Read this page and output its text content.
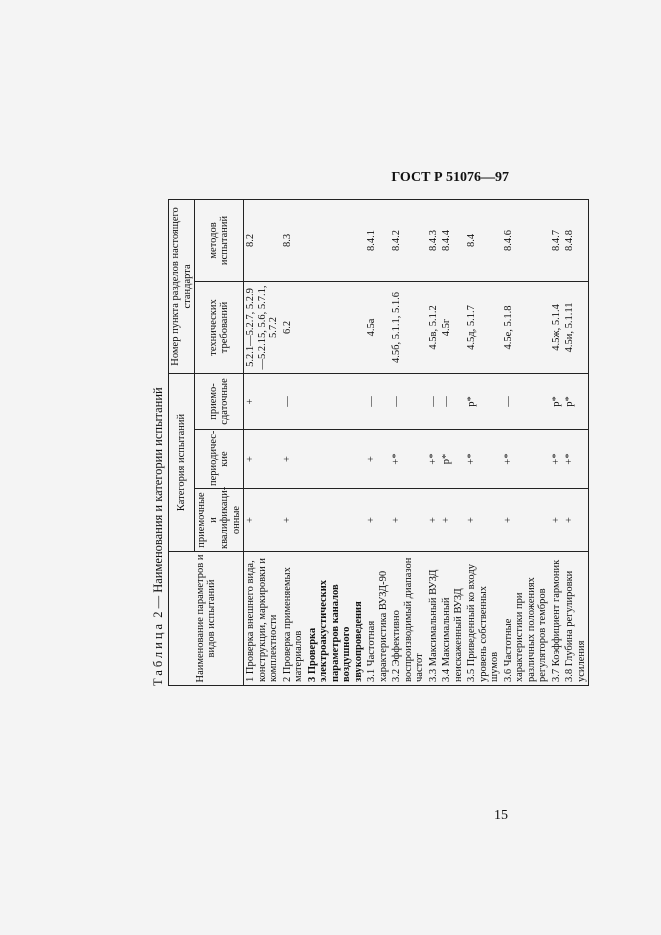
ГОСТ Р 51076—97
Таблица 2 — Наименования и категории испытаний	Наименование параметров и видов испытаний	Категория испытаний			Номер пункта разделов настоящего стандарта	
	приемочные и квалификаци-онные	периодичес-кие	приемо-сдаточные	технических требований	методов испытаний
1 Проверка внешнего вида, конструкции, маркировки и комплектности	+	+	+	5.2.1—5.2.7, 5.2.9—5.2.15, 5.6, 5.7.1, 5.7.2	8.2
2 Проверка применяемых материалов	+	+	—	6.2	8.3
3 Проверка электроакустических параметров каналов воздушного звукопроведения					
3.1 Частотная характеристика ВУЗД-90	+	+	—	4.5а	8.4.1
3.2 Эффективно воспроизводимый диапазон частот	+	+*	—	4.5б, 5.1.1, 5.1.6	8.4.2
3.3 Максимальный ВУЗД	+	+*	—	4.5в, 5.1.2	8.4.3
3.4 Максимальный неискаженный ВУЗД	+	p*	—	4.5г	8.4.4
3.5 Приведенный ко входу уровень собственных шумов	+	+*	p*	4.5д, 5.1.7	8.4
3.6 Частотные характеристики при различных положениях регуляторов тембров	+	+*	—	4.5е, 5.1.8	8.4.6
3.7 Коэффициент гармоник	+	+*	p*	4.5ж, 5.1.4	8.4.7
3.8 Глубина регулировки усиления	+	+*	p*	4.5и, 5.1.11	8.4.8
15
